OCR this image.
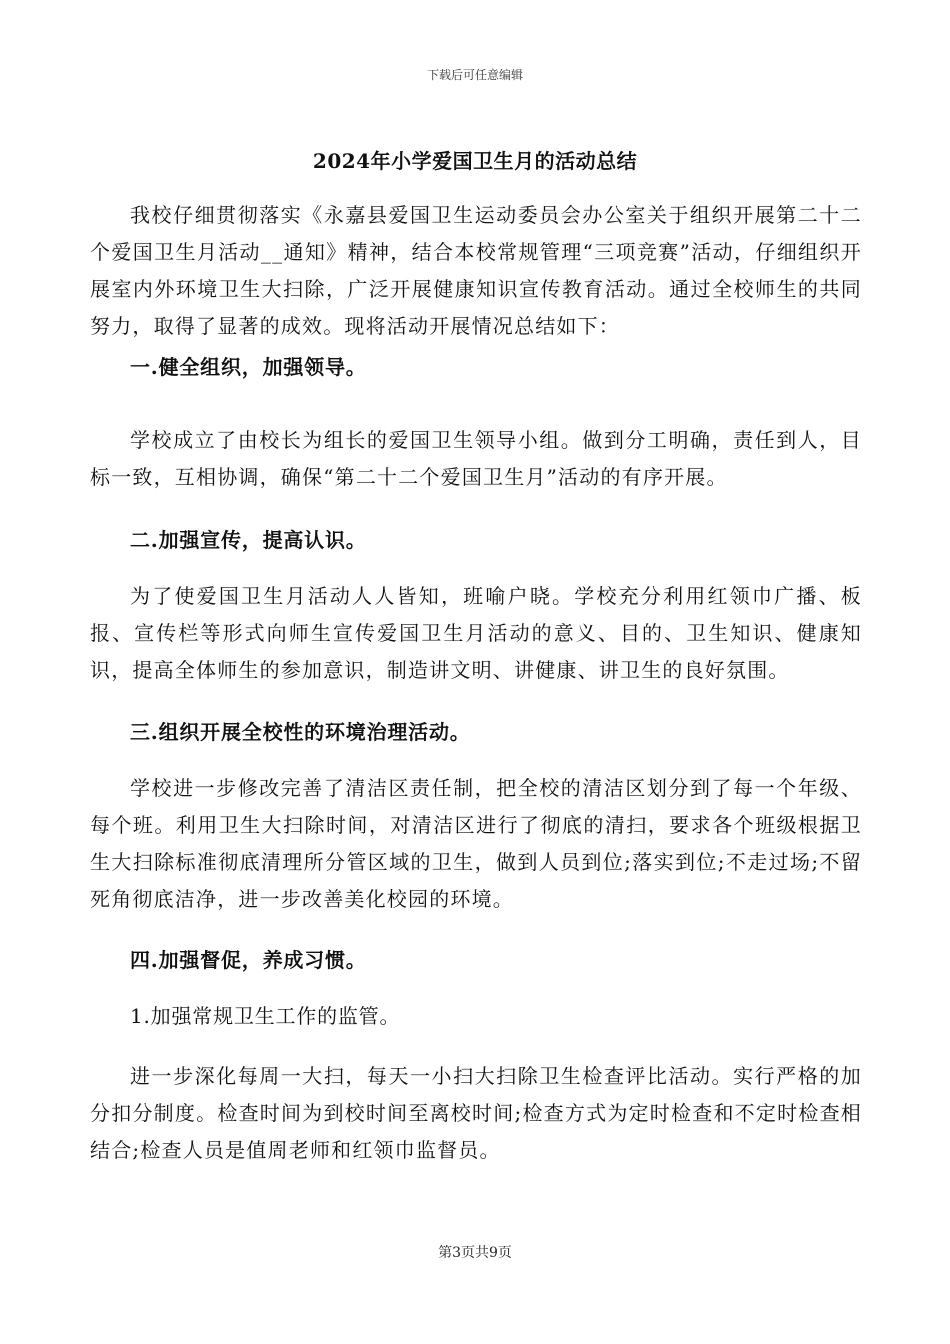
下载后可任意编辑
2024年小学爱国卫生月的活动总结

我校仔细贯彻落实《永嘉县爱国卫生运动委员会办公室关于组织开展第二十二个爱国卫生月活动__通知》精神，结合本校常规管理“三项竞赛”活动，仔细组织开展室内外环境卫生大扫除，广泛开展健康知识宣传教育活动。通过全校师生的共同努力，取得了显著的成效。现将活动开展情况总结如下：

一.健全组织，加强领导。

学校成立了由校长为组长的爱国卫生领导小组。做到分工明确，责任到人，目标一致，互相协调，确保“第二十二个爱国卫生月”活动的有序开展。

二.加强宣传，提高认识。

为了使爱国卫生月活动人人皆知，班喻户晓。学校充分利用红领巾广播、板报、宣传栏等形式向师生宣传爱国卫生月活动的意义、目的、卫生知识、健康知识，提高全体师生的参加意识，制造讲文明、讲健康、讲卫生的良好氛围。

三.组织开展全校性的环境治理活动。

学校进一步修改完善了清洁区责任制，把全校的清洁区划分到了每一个年级、每个班。利用卫生大扫除时间，对清洁区进行了彻底的清扫，要求各个班级根据卫生大扫除标准彻底清理所分管区域的卫生，做到人员到位;落实到位;不走过场;不留死角彻底洁净，进一步改善美化校园的环境。

四.加强督促，养成习惯。

1.加强常规卫生工作的监管。

进一步深化每周一大扫，每天一小扫大扫除卫生检查评比活动。实行严格的加分扣分制度。检查时间为到校时间至离校时间;检查方式为定时检查和不定时检查相结合;检查人员是值周老师和红领巾监督员。

第3页共9页
